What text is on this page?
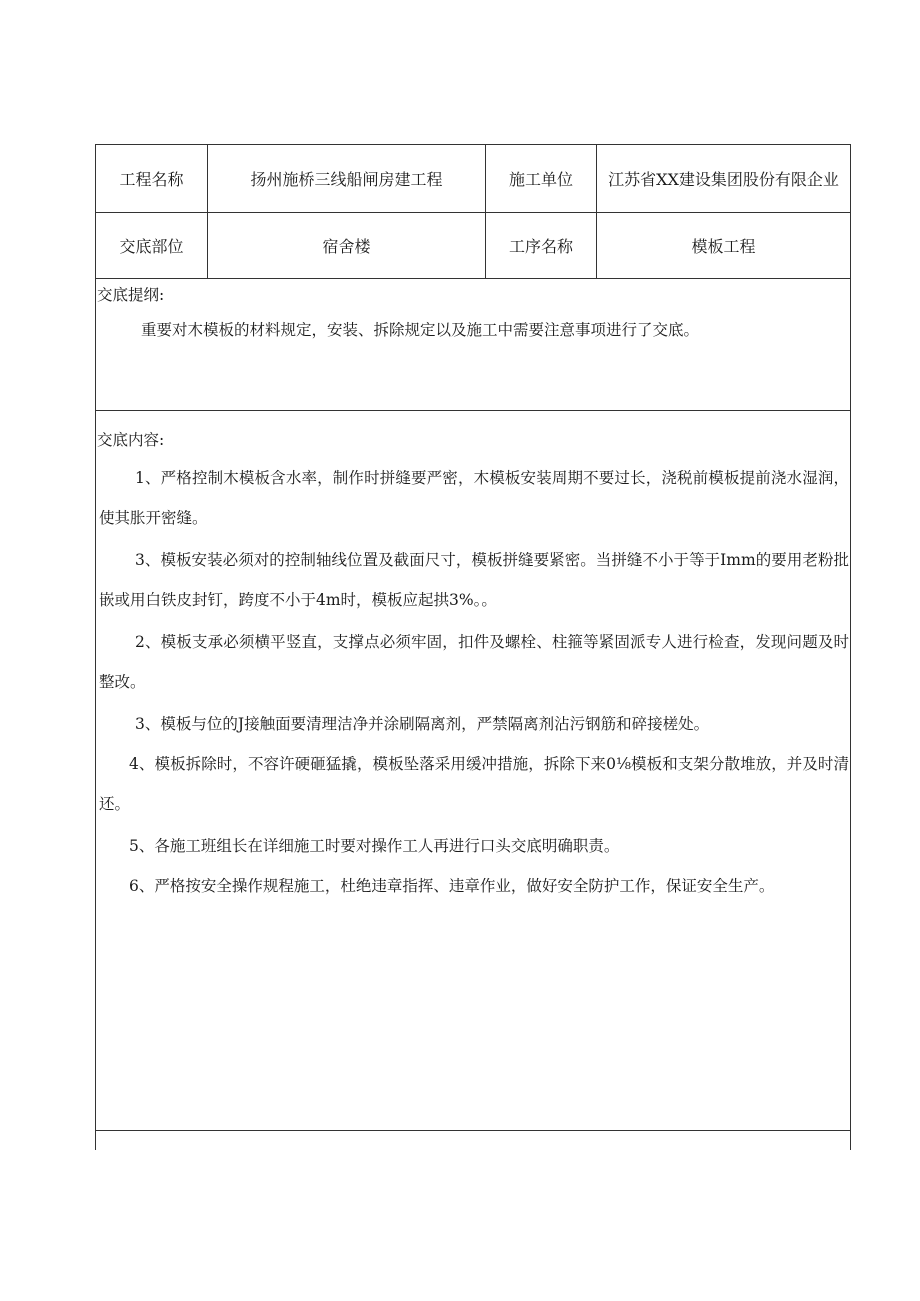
工程名称	扬州施桥三线船闸房建工程	施工单位	江苏省XX建设集团股份有限企业
交底部位	宿舍楼	工序名称	模板工程
交底提纲:
重要对木模板的材料规定，安装、拆除规定以及施工中需要注意事项进行了交底。
交底内容:
1、严格控制木模板含水率，制作时拼缝要严密，木模板安装周期不要过长，浇税前模板提前浇水湿润，使其胀开密缝。
3、模板安装必须对的控制轴线位置及截面尺寸，模板拼缝要紧密。当拼缝不小于等于Imm的要用老粉批嵌或用白铁皮封钉，跨度不小于4m时，模板应起拱3%。。
2、模板支承必须横平竖直，支撑点必须牢固，扣件及螺栓、柱箍等紧固派专人进行检查，发现问题及时整改。
3、模板与位的J接触面要清理洁净并涂刷隔离剂，严禁隔离剂沾污钢筋和碎接槎处。
4、模板拆除时，不容许硬砸猛撬，模板坠落采用缓冲措施，拆除下来0⅛模板和支架分散堆放，并及时清还。
5、各施工班组长在详细施工时要对操作工人再进行口头交底明确职责。
6、严格按安全操作规程施工，杜绝违章指挥、违章作业，做好安全防护工作，保证安全生产。
